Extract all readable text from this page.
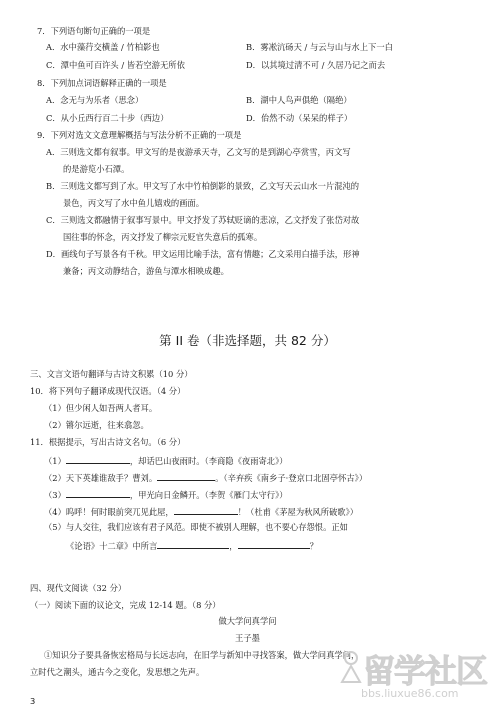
7．下列语句断句正确的一项是
A．水中藻荇交横盖 / 竹柏影也	B．雾凇沆砀天 / 与云与山与水上下一白
C．潭中鱼可百许头 / 皆若空游无所依	D．以其境过清不可 / 久居乃记之而去
8．下列加点词语解释正确的一项是
A．念无与为乐者（思念）	B．湖中人鸟声俱绝（隔绝）
C．从小丘西行百二十步（西边）	D．佁然不动（呆呆的样子）
9．下列对选文文意理解概括与写法分析不正确的一项是
A．三则选文都有叙事。甲文写的是夜游承天寺，乙文写的是到湖心亭赏雪，丙文写
的是游览小石潭。
B．三则选文都写到了水。甲文写了水中竹柏倒影的景致，乙文写天云山水一片混沌的
景色，丙文写了水中鱼儿嬉戏的画面。
C．三则选文都融情于叙事写景中。甲文抒发了苏轼贬谪的悲凉，乙文抒发了张岱对故
国往事的怀念，丙文抒发了柳宗元贬官失意后的孤寒。
D．画线句子写景各有千秋。甲文运用比喻手法，富有情趣；乙文采用白描手法，形神
兼备；丙文动静结合，游鱼与潭水相映成趣。
第 II 卷（非选择题，共 82 分）
三、文言文语句翻译与古诗文积累（10 分）
10．将下列句子翻译成现代汉语。（4 分）
（1）但少闲人如吾两人者耳。
（2）锵尔远逝，往来翕忽。
11．根据提示，写出古诗文名句。（6 分）
（1）	，却话巴山夜雨时。（李商隐《夜雨寄北》）
（2）天下英雄谁敌手？曹刘。	。（辛弃疾《南乡子·登京口北固亭怀古》）
（3）	，甲光向日金鳞开。（李贺《雁门太守行》）
（4）呜呼！何时眼前突兀见此屋，	！（杜甫《茅屋为秋风所破歌》）
（5）与人交往，我们应该有君子风范。即使不被别人理解，也不要心存怨恨。正如
《论语》十二章》中所言	，	？
四、现代文阅读（32 分）
（一）阅读下面的议论文，完成 12-14 题。（8 分）
做大学问真学问
王子墨
①知识分子要具备恢宏格局与长远志向，在旧学与新知中寻找答案，做大学问真学问，
立时代之潮头，通古今之变化，发思想之先声。
3
留学社区
bbs.liuxue86.com
